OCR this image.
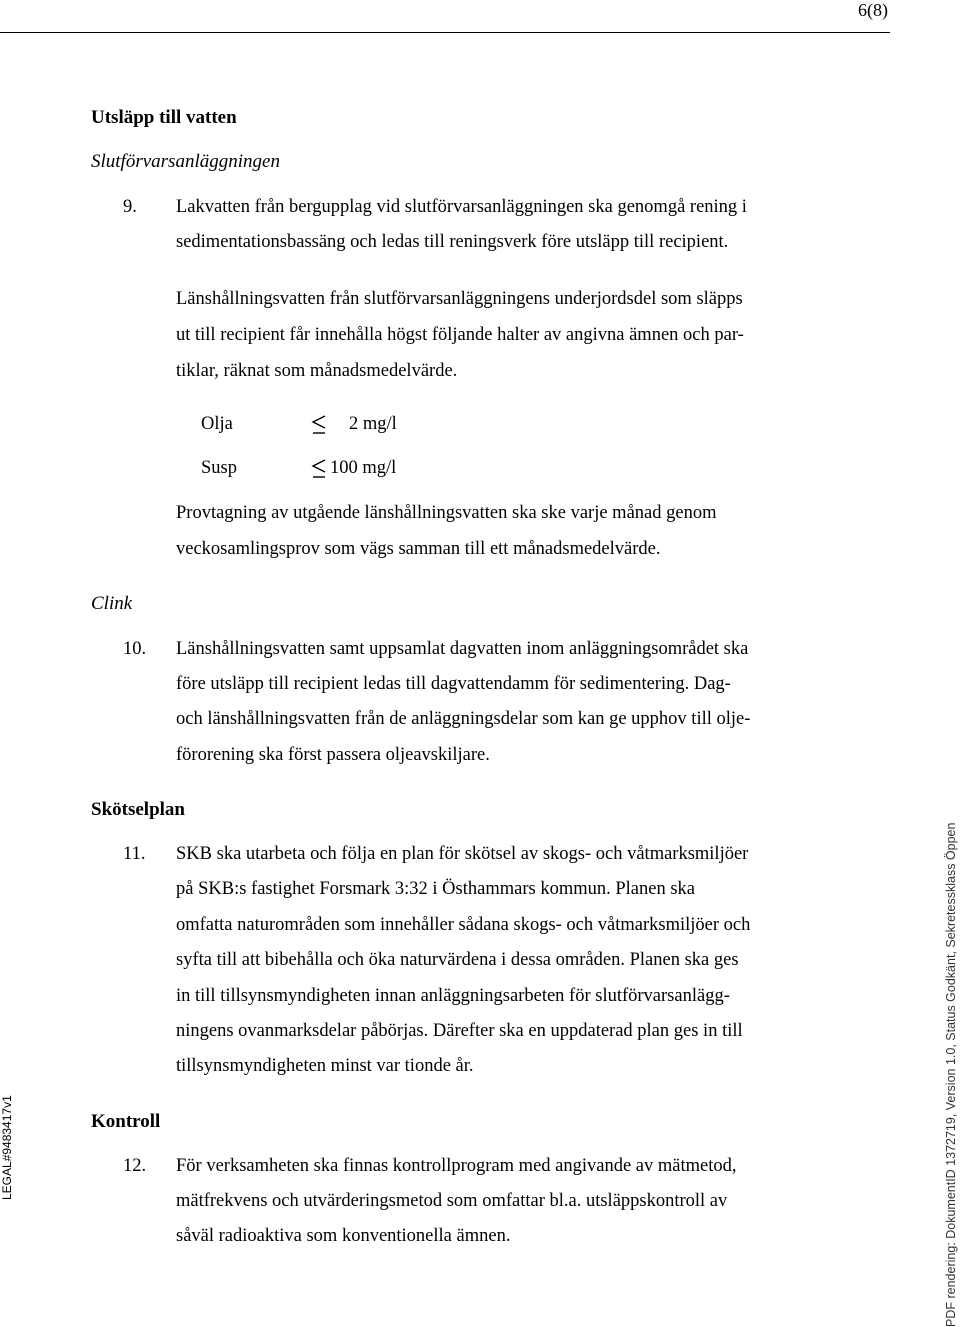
6(8)
Utsläpp till vatten
Slutförvarsanläggningen
9.	Lakvatten från bergupplag vid slutförvarsanläggningen ska genomgå rening i
sedimentationsbassäng och ledas till reningsverk före utsläpp till recipient.
Länshållningsvatten från slutförvarsanläggningens underjordsdel som släpps
ut till recipient får innehålla högst följande halter av angivna ämnen och par-
tiklar, räknat som månadsmedelvärde.
Olja	2 mg/l
Susp	100 mg/l
Provtagning av utgående länshållningsvatten ska ske varje månad genom
veckosamlingsprov som vägs samman till ett månadsmedelvärde.
Clink
10.	Länshållningsvatten samt uppsamlat dagvatten inom anläggningsområdet ska
före utsläpp till recipient ledas till dagvattendamm för sedimentering. Dag-
och länshållningsvatten från de anläggningsdelar som kan ge upphov till olje-
förorening ska först passera oljeavskiljare.
Skötselplan
11.	SKB ska utarbeta och följa en plan för skötsel av skogs- och våtmarksmiljöer
på SKB:s fastighet Forsmark 3:32 i Östhammars kommun. Planen ska
omfatta naturområden som innehåller sådana skogs- och våtmarksmiljöer och
syfta till att bibehålla och öka naturvärdena i dessa områden. Planen ska ges
in till tillsynsmyndigheten innan anläggningsarbeten för slutförvarsanlägg-
ningens ovanmarksdelar påbörjas. Därefter ska en uppdaterad plan ges in till
tillsynsmyndigheten minst var tionde år.
Kontroll
12.	För verksamheten ska finnas kontrollprogram med angivande av mätmetod,
mätfrekvens och utvärderingsmetod som omfattar bl.a. utsläppskontroll av
såväl radioaktiva som konventionella ämnen.
LEGAL#9483417v1	PDF rendering: DokumentID 1372719, Version 1.0, Status Godkänt, Sekretessklass Öppen
